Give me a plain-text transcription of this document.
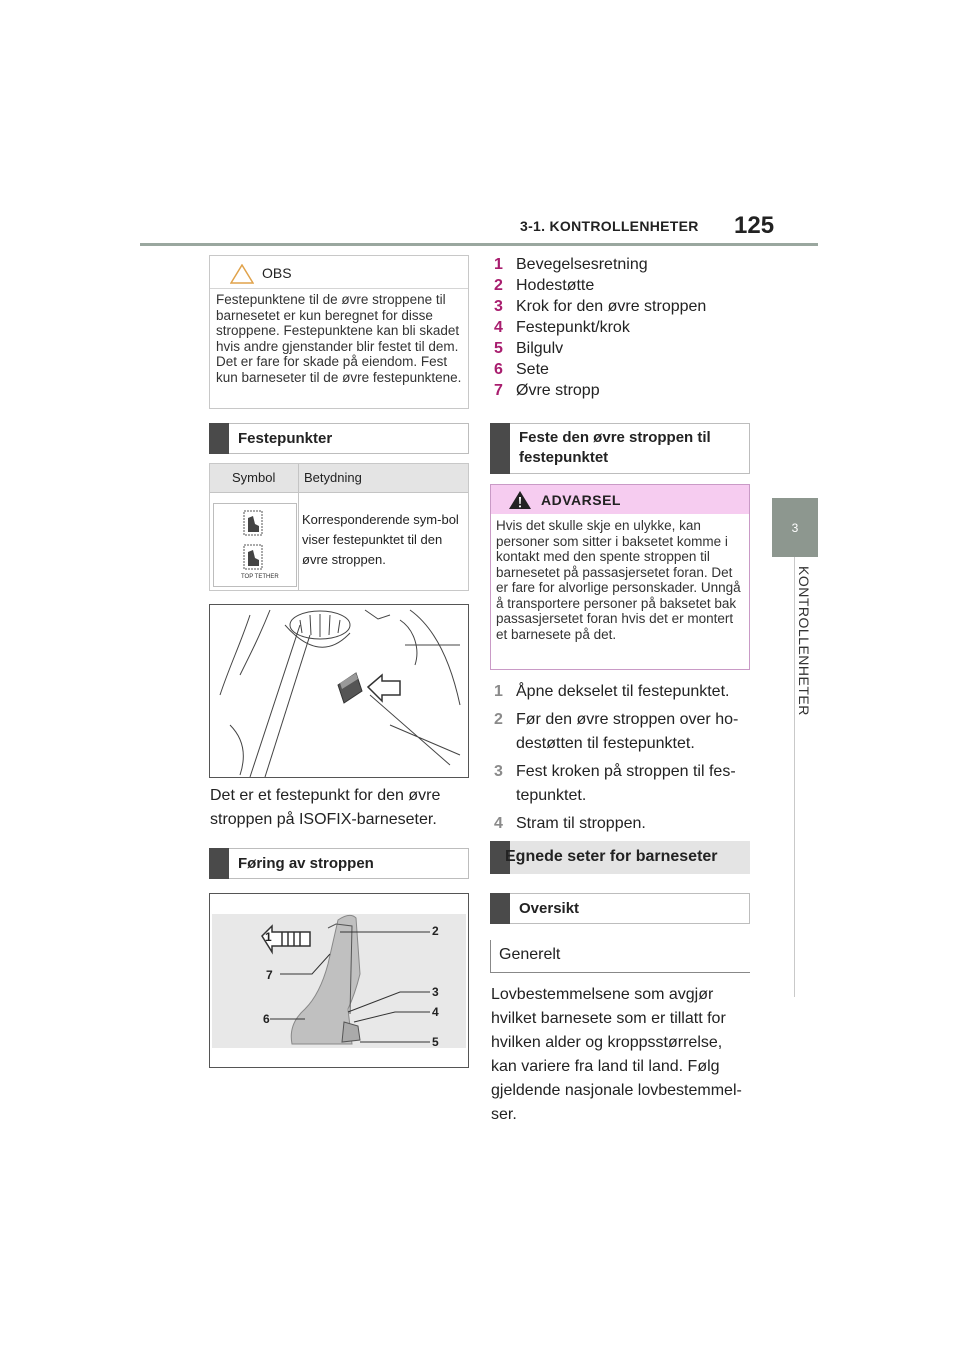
3-1. KONTROLLENHETER 125
3
KONTROLLENHETER
OBS
Festepunktene til de øvre stroppene til barnesetet er kun beregnet for disse stroppene. Festepunktene kan bli skadet hvis andre gjenstander blir festet til dem. Det er fare for skade på eiendom. Fest kun barneseter til de øvre festepunktene.
Festepunkter
Symbol Betydning
TOP TETHER
Korresponderende sym-bol viser festepunktet til den øvre stroppen.
Det er et festepunkt for den øvre stroppen på ISOFIX-barneseter.
Føring av stroppen
1	2
3
4
5
6
7
1 Bevegelsesretning
2 Hodestøtte
3 Krok for den øvre stroppen
4 Festepunkt/krok
5 Bilgulv
6 Sete
7 Øvre stropp
Feste den øvre stroppen til festepunktet
ADVARSEL
Hvis det skulle skje en ulykke, kan personer som sitter i baksetet komme i kontakt med den spente stroppen til barnesetet på passasjersetet foran. Det er fare for alvorlige personskader. Unngå å transportere personer på baksetet bak passasjersetet foran hvis det er montert et barnesete på det.
1 Åpne dekselet til festepunktet.
2 Før den øvre stroppen over ho-
destøtten til festepunktet.
3 Fest kroken på stroppen til fes-
tepunktet.
4 Stram til stroppen.
Egnede seter for barneseter
Oversikt
Generelt
Lovbestemmelsene som avgjør
hvilket barnesete som er tillatt for
hvilken alder og kroppsstørrelse,
kan variere fra land til land. Følg
gjeldende nasjonale lovbestemmel-
ser.
